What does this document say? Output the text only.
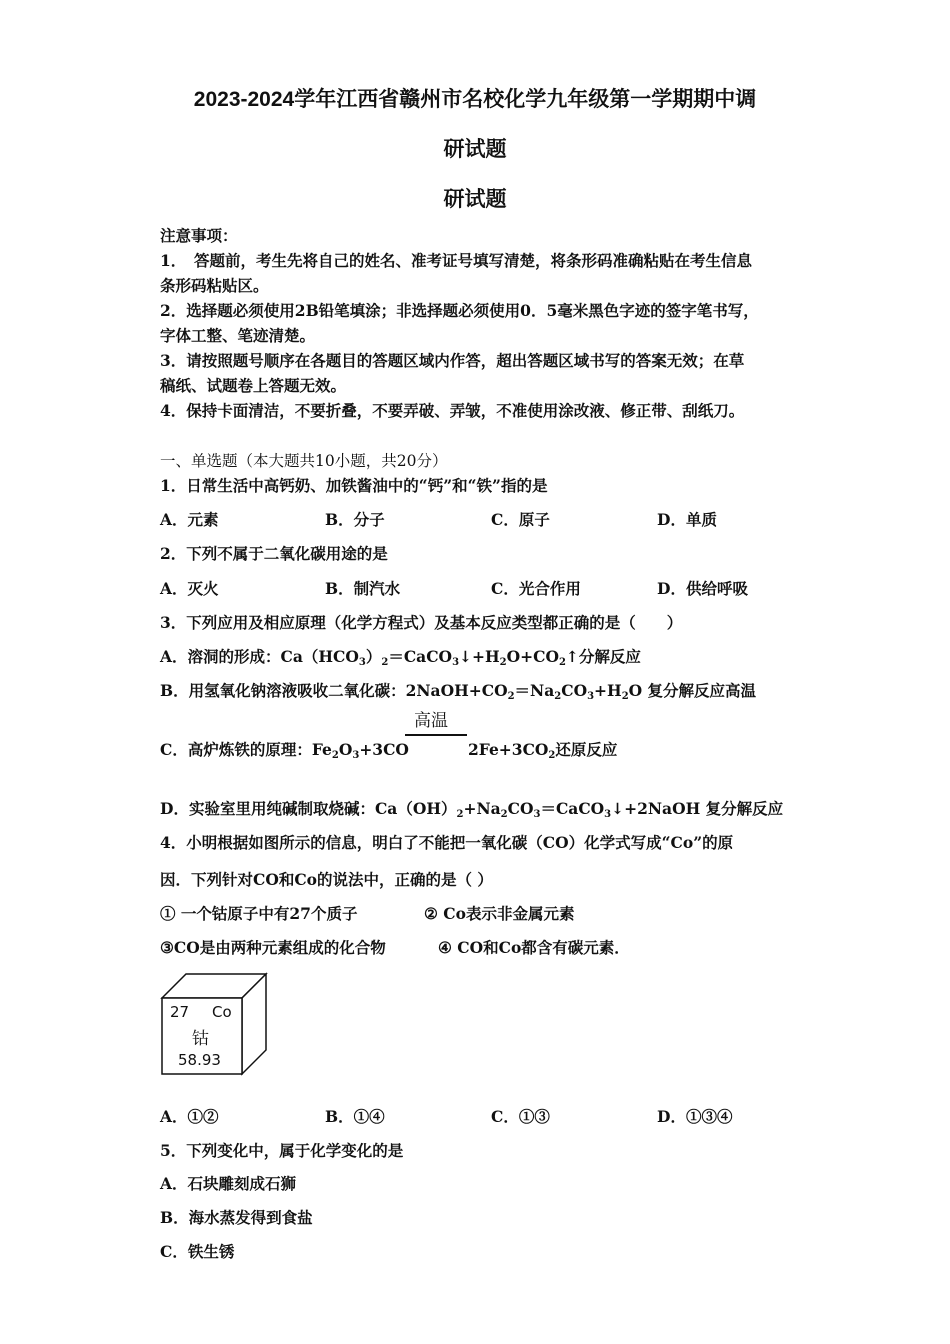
2023-2024学年江西省赣州市名校化学九年级第一学期期中调
研试题
研试题
注意事项：
1．　答题前，考生先将自己的姓名、准考证号填写清楚，将条形码准确粘贴在考生信息
条形码粘贴区。
2．选择题必须使用2B铅笔填涂；非选择题必须使用0．5毫米黑色字迹的签字笔书写，
字体工整、笔迹清楚。
3．请按照题号顺序在各题目的答题区域内作答，超出答题区域书写的答案无效；在草
稿纸、试题卷上答题无效。
4．保持卡面清洁，不要折叠，不要弄破、弄皱，不准使用涂改液、修正带、刮纸刀。
一、单选题（本大题共10小题，共20分）
1．日常生活中高钙奶、加铁酱油中的“钙”和“铁”指的是
A．元素	B．分子	C．原子	D．单质
2．下列不属于二氧化碳用途的是
A．灭火	B．制汽水	C．光合作用	D．供给呼吸
3．下列应用及相应原理（化学方程式）及基本反应类型都正确的是（　　）
A．溶洞的形成：$Ca(HCO_3)_2=CaCO_3↓+H_2O+CO_2↑$分解反应
B．用氢氧化钠溶液吸收二氧化碳：$2NaOH+CO_2=Na_2CO_3+H_2O$ 复分解反应高温
高温
C．高炉炼铁的原理：$Fe_2O_3+3CO$	$2Fe+3CO_2$还原反应
D．实验室里用纯碱制取烧碱：$Ca(OH)_2+Na_2CO_3=CaCO_3↓+2NaOH$ 复分解反应
4．小明根据如图所示的信息，明白了不能把一氧化碳（CO）化学式写成“Co”的原
因．下列针对CO和Co的说法中，正确的是（ ）
① 一个钴原子中有27个质子	② Co表示非金属元素
③CO是由两种元素组成的化合物	④ CO和Co都含有碳元素．
27 Co
钴
58.93
A．①②	B．①④	C．①③	D．①③④
5．下列变化中，属于化学变化的是
A．石块雕刻成石狮
B．海水蒸发得到食盐
C．铁生锈
